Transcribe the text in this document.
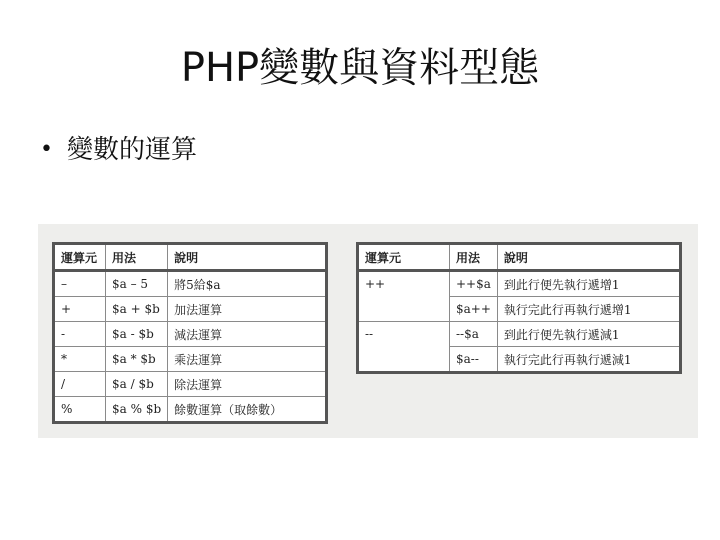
PHP變數與資料型態
• 變數的運算
運算元	用法	說明
–	$a – 5	將5給$a
+	$a + $b	加法運算
-	$a - $b	減法運算
*	$a * $b	乘法運算
/	$a / $b	除法運算
%	$a % $b	餘數運算（取餘數）
運算元	用法	說明
++	++$a	到此行便先執行遞增1
	$a++	執行完此行再執行遞增1
--	--$a	到此行便先執行遞減1
	$a--	執行完此行再執行遞減1
